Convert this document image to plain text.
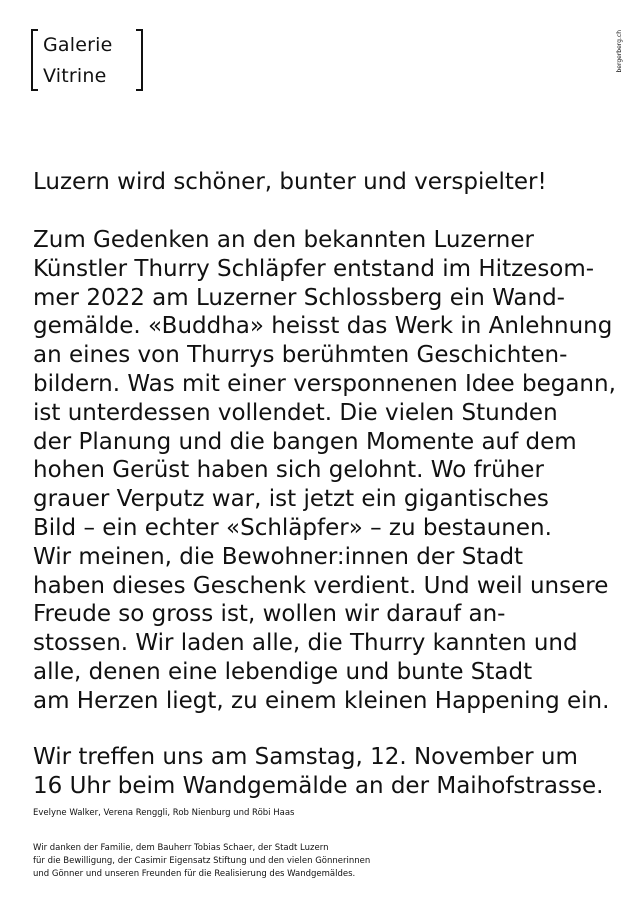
Galerie
Vitrine
bergerberg.ch
Luzern wird schöner, bunter und verspielter!
Zum Gedenken an den bekannten Luzerner
Künstler Thurry Schläpfer entstand im Hitzesom-
mer 2022 am Luzerner Schlossberg ein Wand-
gemälde. «Buddha» heisst das Werk in Anlehnung
an eines von Thurrys berühmten Geschichten-
bildern. Was mit einer versponnenen Idee begann,
ist unterdessen vollendet. Die vielen Stunden
der Planung und die bangen Momente auf dem
hohen Gerüst haben sich gelohnt. Wo früher
grauer Verputz war, ist jetzt ein gigantisches
Bild – ein echter «Schläpfer» – zu bestaunen.
Wir meinen, die Bewohner:innen der Stadt
haben dieses Geschenk verdient. Und weil unsere
Freude so gross ist, wollen wir darauf an-
stossen. Wir laden alle, die Thurry kannten und
alle, denen eine lebendige und bunte Stadt
am Herzen liegt, zu einem kleinen Happening ein.
Wir treffen uns am Samstag, 12. November um
16 Uhr beim Wandgemälde an der Maihofstrasse.
Evelyne Walker, Verena Renggli, Rob Nienburg und Röbi Haas
Wir danken der Familie, dem Bauherr Tobias Schaer, der Stadt Luzern
für die Bewilligung, der Casimir Eigensatz Stiftung und den vielen Gönnerinnen
und Gönner und unseren Freunden für die Realisierung des Wandgemäldes.
